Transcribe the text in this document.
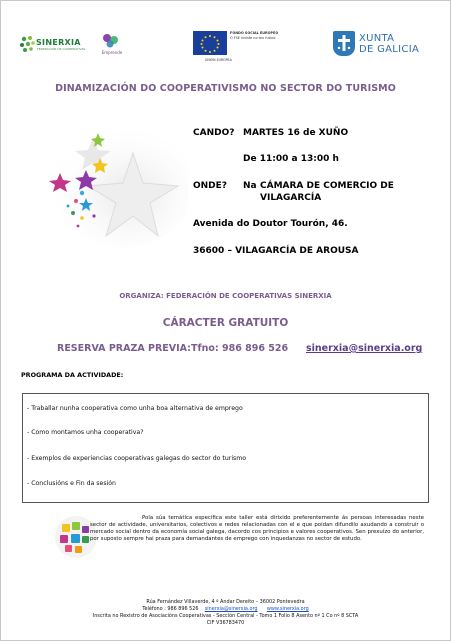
SINERXIA
FEDERACIÓN DE COOPERATIVAS
Emprende
FONDO SOCIAL EUROPEO
O FSE inviste no teu futuro
UNIÓN EUROPEA
XUNTA
DE GALICIA
DINAMIZACIÓN DO COOPERATIVISMO NO SECTOR DO TURISMO
CANDO? MARTES 16 de XUÑO
De 11:00 a 13:00 h
ONDE? Na CÁMARA DE COMERCIO DE
VILAGARCÍA
Avenida do Doutor Tourón, 46.
36600 – VILAGARCÍA DE AROUSA
ORGANIZA: FEDERACIÓN DE COOPERATIVAS SINERXIA
CÁRACTER GRATUITO
RESERVA PRAZA PREVIA: Tfno: 986 896 526 sinerxia@sinerxia.org
PROGRAMA DA ACTIVIDADE:
- Traballar nunha cooperativa como unha boa alternativa de emprego
- Como montamos unha cooperativa?
- Exemplos de experiencias cooperativas galegas do sector do turismo
- Conclusións e Fin da sesión
Pola súa temática específica este taller está dirixido preferentemente ás persoas interesadas neste sector de actividade, universitarios, colectivos e redes relacionadas con el e que poidan difundilo axudando a construír o mercado social dentro da economía social galega, dacordo cos principios e valores cooperativos. Sen prexuízo do anterior, por suposto sempre hai praza para demandantes de emprego con inquedanzas no sector de estudo.
Rúa Fernández Villaverde, 4 º Andar Dereito – 36002 Pontevedra
Teléfono : 986 896 526 sinerxia@sinerxia.org www.sinerxia.org
Inscrita no Rexistro de Asociacións Cooperativas - Sección Central - Tomo 1 Folio 8 Asento nº 1 Co nº 8 SCTA
CIF V36783470
